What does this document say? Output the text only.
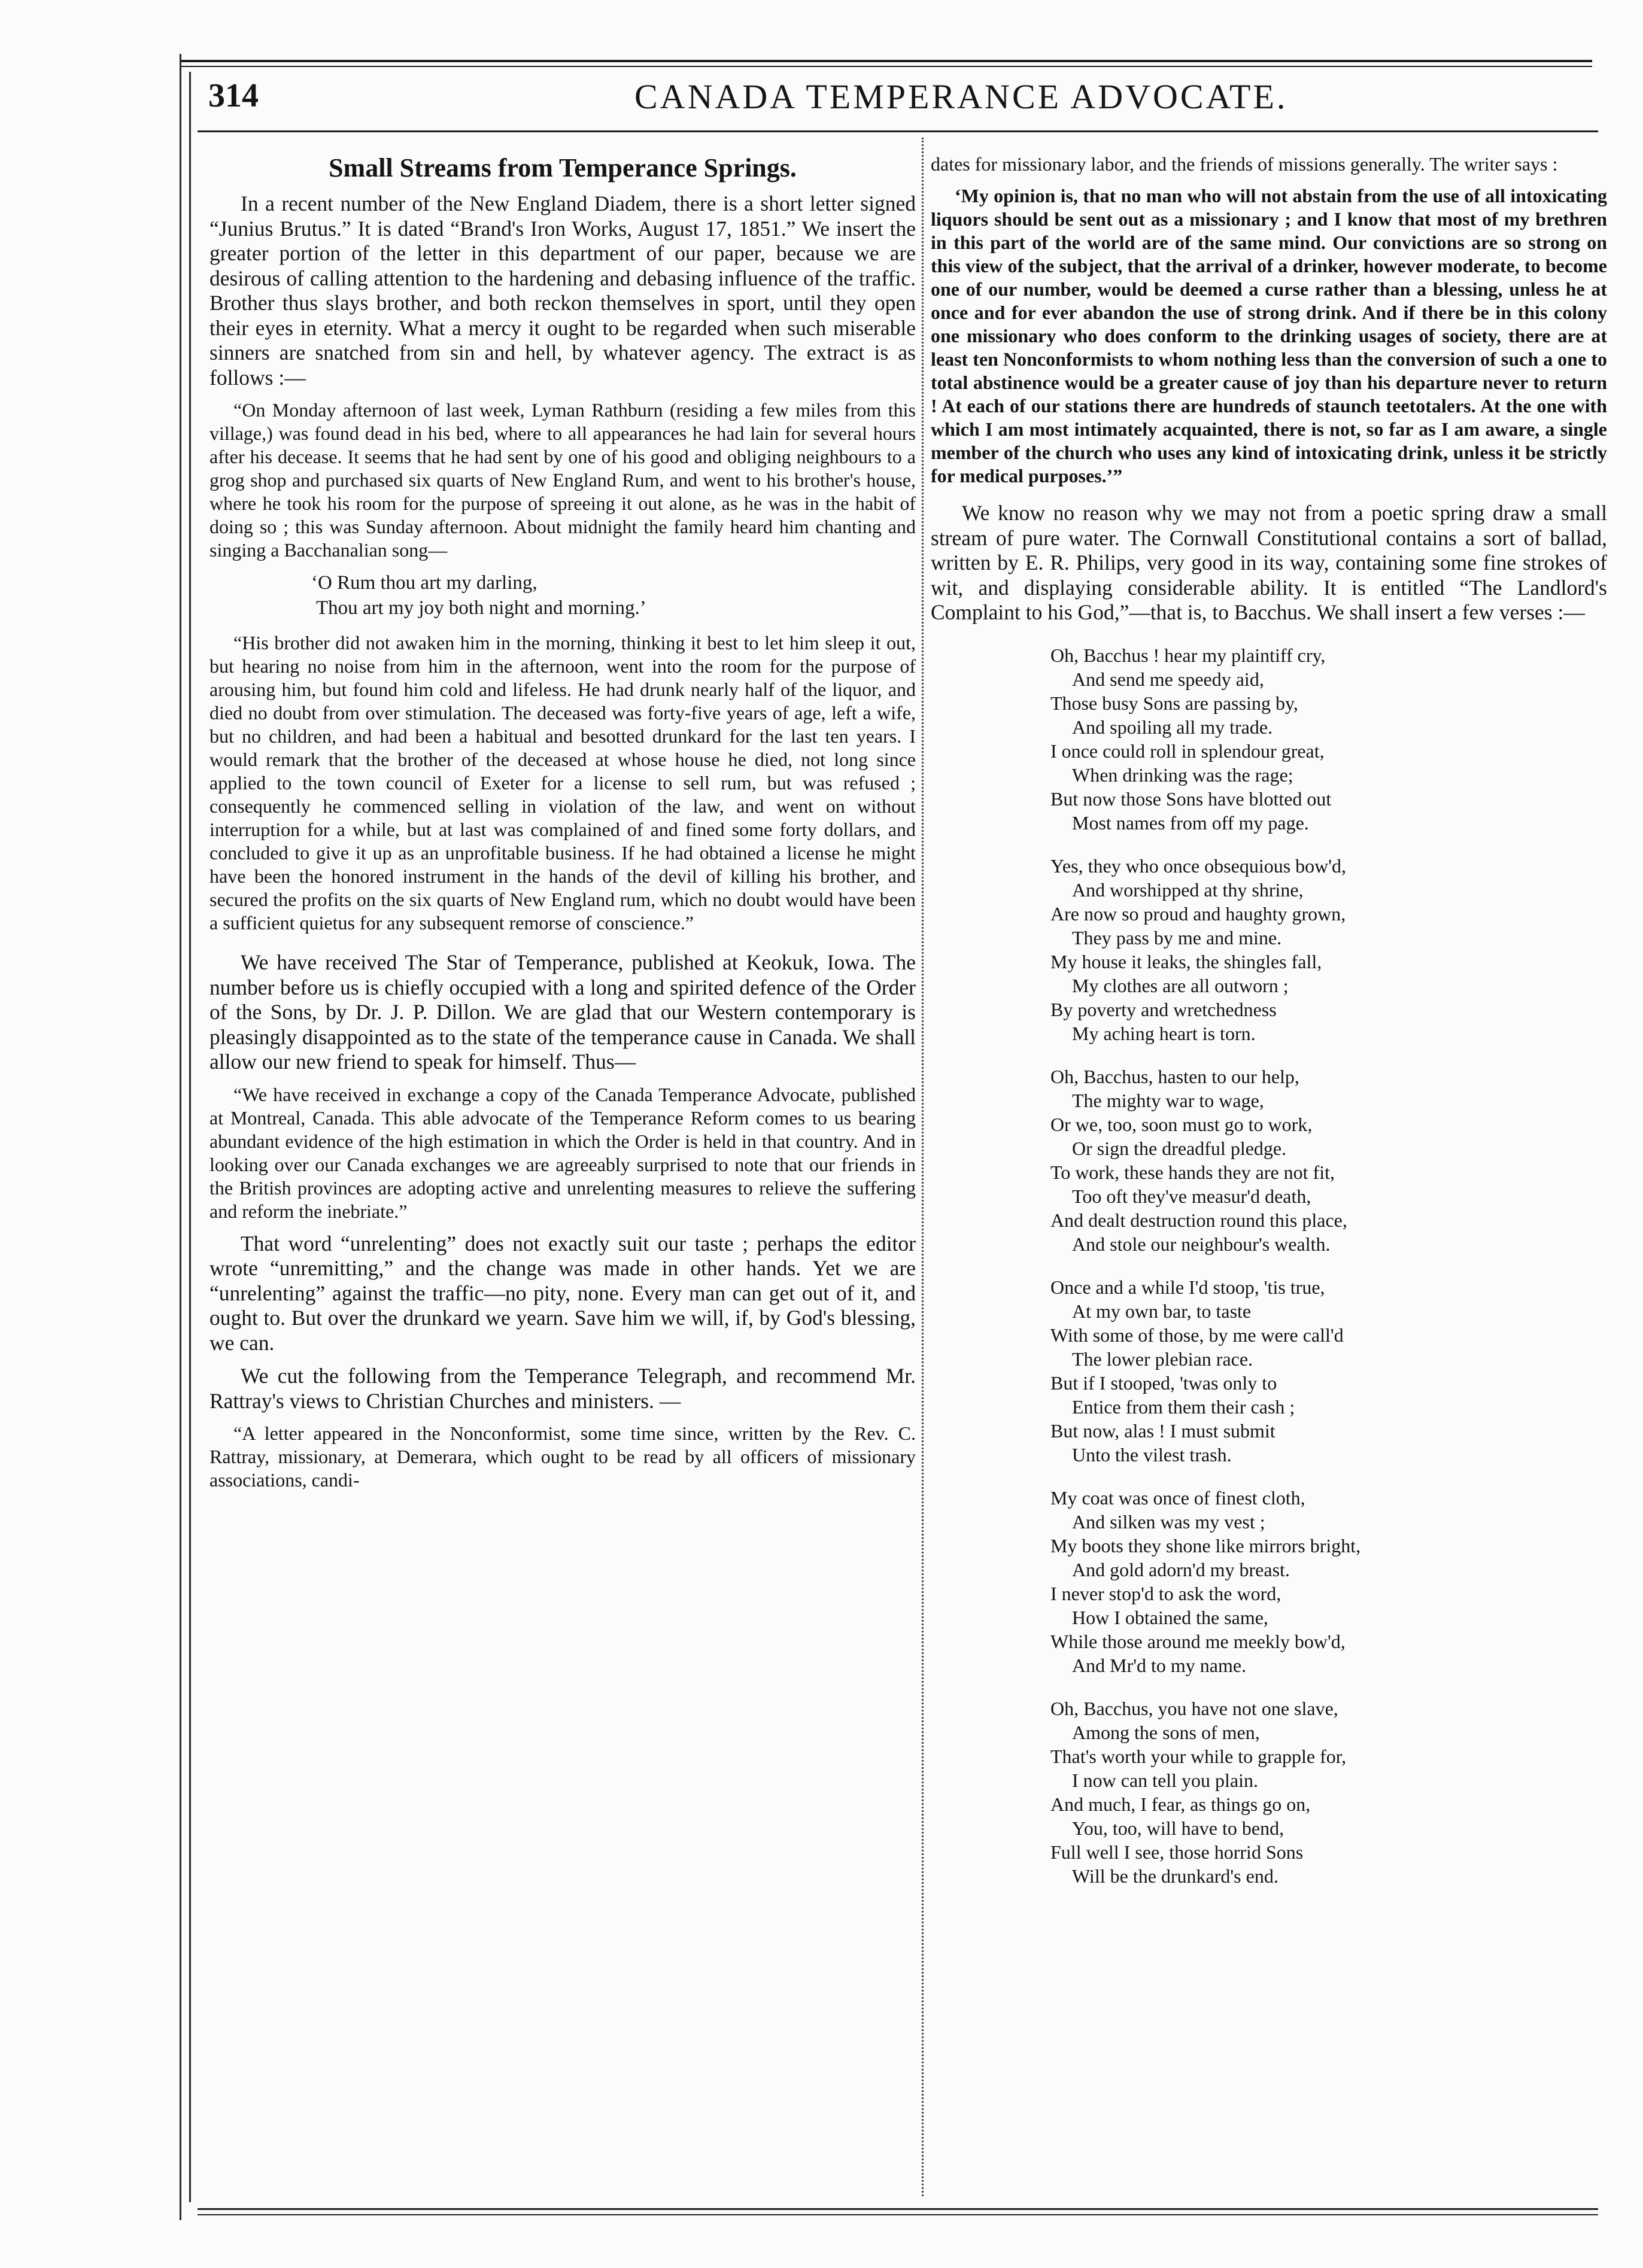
314	CANADA TEMPERANCE ADVOCATE.
Small Streams from Temperance Springs.

In a recent number of the New England Diadem, there is a short letter signed “Junius Brutus.” It is dated “Brand's Iron Works, August 17, 1851.” We insert the greater portion of the letter in this department of our paper, because we are desirous of calling attention to the hardening and debasing influence of the traffic. Brother thus slays brother, and both reckon themselves in sport, until they open their eyes in eternity. What a mercy it ought to be regarded when such miserable sinners are snatched from sin and hell, by whatever agency. The extract is as follows :—

“On Monday afternoon of last week, Lyman Rathburn (residing a few miles from this village,) was found dead in his bed, where to all appearances he had lain for several hours after his decease. It seems that he had sent by one of his good and obliging neighbours to a grog shop and purchased six quarts of New England Rum, and went to his brother's house, where he took his room for the purpose of spreeing it out alone, as he was in the habit of doing so ; this was Sunday afternoon. About midnight the family heard him chanting and singing a Bacchanalian song—

‘O Rum thou art my darling,
Thou art my joy both night and morning.’

“His brother did not awaken him in the morning, thinking it best to let him sleep it out, but hearing no noise from him in the afternoon, went into the room for the purpose of arousing him, but found him cold and lifeless. He had drunk nearly half of the liquor, and died no doubt from over stimulation. The deceased was forty-five years of age, left a wife, but no children, and had been a habitual and besotted drunkard for the last ten years. I would remark that the brother of the deceased at whose house he died, not long since applied to the town council of Exeter for a license to sell rum, but was refused ; consequently he commenced selling in violation of the law, and went on without interruption for a while, but at last was complained of and fined some forty dollars, and concluded to give it up as an unprofitable business. If he had obtained a license he might have been the honored instrument in the hands of the devil of killing his brother, and secured the profits on the six quarts of New England rum, which no doubt would have been a sufficient quietus for any subsequent remorse of conscience.”

We have received The Star of Temperance, published at Keokuk, Iowa. The number before us is chiefly occupied with a long and spirited defence of the Order of the Sons, by Dr. J. P. Dillon. We are glad that our Western contemporary is pleasingly disappointed as to the state of the temperance cause in Canada. We shall allow our new friend to speak for himself. Thus—

“We have received in exchange a copy of the Canada Temperance Advocate, published at Montreal, Canada. This able advocate of the Temperance Reform comes to us bearing abundant evidence of the high estimation in which the Order is held in that country. And in looking over our Canada exchanges we are agreeably surprised to note that our friends in the British provinces are adopting active and unrelenting measures to relieve the suffering and reform the inebriate.”

That word “unrelenting” does not exactly suit our taste ; perhaps the editor wrote “unremitting,” and the change was made in other hands. Yet we are “unrelenting” against the traffic—no pity, none. Every man can get out of it, and ought to. But over the drunkard we yearn. Save him we will, if, by God's blessing, we can.

We cut the following from the Temperance Telegraph, and recommend Mr. Rattray's views to Christian Churches and ministers. —

“A letter appeared in the Nonconformist, some time since, written by the Rev. C. Rattray, missionary, at Demerara, which ought to be read by all officers of missionary associations, candi-

dates for missionary labor, and the friends of missions generally. The writer says :

‘My opinion is, that no man who will not abstain from the use of all intoxicating liquors should be sent out as a missionary ; and I know that most of my brethren in this part of the world are of the same mind. Our convictions are so strong on this view of the subject, that the arrival of a drinker, however moderate, to become one of our number, would be deemed a curse rather than a blessing, unless he at once and for ever abandon the use of strong drink. And if there be in this colony one missionary who does conform to the drinking usages of society, there are at least ten Nonconformists to whom nothing less than the conversion of such a one to total abstinence would be a greater cause of joy than his departure never to return ! At each of our stations there are hundreds of staunch teetotalers. At the one with which I am most intimately acquainted, there is not, so far as I am aware, a single member of the church who uses any kind of intoxicating drink, unless it be strictly for medical purposes.’”

We know no reason why we may not from a poetic spring draw a small stream of pure water. The Cornwall Constitutional contains a sort of ballad, written by E. R. Philips, very good in its way, containing some fine strokes of wit, and displaying considerable ability. It is entitled “The Landlord's Complaint to his God,”—that is, to Bacchus. We shall insert a few verses :—

Oh, Bacchus ! hear my plaintiff cry,
And send me speedy aid,
Those busy Sons are passing by,
And spoiling all my trade.
I once could roll in splendour great,
When drinking was the rage;
But now those Sons have blotted out
Most names from off my page.
Yes, they who once obsequious bow'd,
And worshipped at thy shrine,
Are now so proud and haughty grown,
They pass by me and mine.
My house it leaks, the shingles fall,
My clothes are all outworn ;
By poverty and wretchedness
My aching heart is torn.
Oh, Bacchus, hasten to our help,
The mighty war to wage,
Or we, too, soon must go to work,
Or sign the dreadful pledge.
To work, these hands they are not fit,
Too oft they've measur'd death,
And dealt destruction round this place,
And stole our neighbour's wealth.
Once and a while I'd stoop, 'tis true,
At my own bar, to taste
With some of those, by me were call'd
The lower plebian race.
But if I stooped, 'twas only to
Entice from them their cash ;
But now, alas ! I must submit
Unto the vilest trash.
My coat was once of finest cloth,
And silken was my vest ;
My boots they shone like mirrors bright,
And gold adorn'd my breast.
I never stop'd to ask the word,
How I obtained the same,
While those around me meekly bow'd,
And Mr'd to my name.
Oh, Bacchus, you have not one slave,
Among the sons of men,
That's worth your while to grapple for,
I now can tell you plain.
And much, I fear, as things go on,
You, too, will have to bend,
Full well I see, those horrid Sons
Will be the drunkard's end.
